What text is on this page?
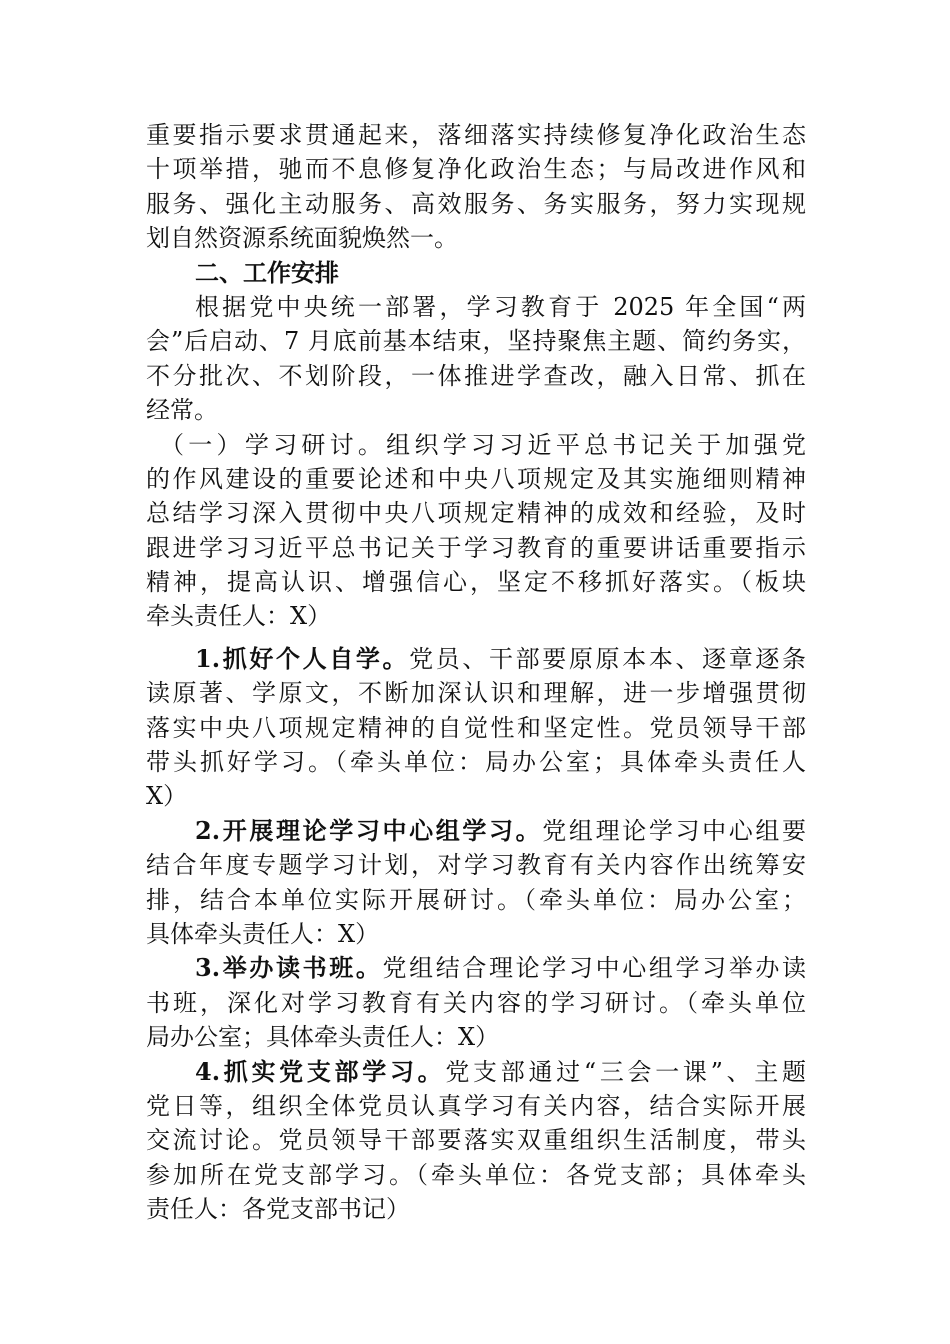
重要指示要求贯通起来，落细落实持续修复净化政治生态
十项举措，驰而不息修复净化政治生态；与局改进作风和
服务、强化主动服务、高效服务、务实服务，努力实现规
划自然资源系统面貌焕然一。
二、工作安排
根据党中央统一部署，学习教育于 2025 年全国“两
会”后启动、7 月底前基本结束，坚持聚焦主题、简约务实，
不分批次、不划阶段，一体推进学查改，融入日常、抓在
经常。
（一）学习研讨。组织学习习近平总书记关于加强党
的作风建设的重要论述和中央八项规定及其实施细则精神
总结学习深入贯彻中央八项规定精神的成效和经验，及时
跟进学习习近平总书记关于学习教育的重要讲话重要指示
精神，提高认识、增强信心，坚定不移抓好落实。（板块
牵头责任人：X）
1.抓好个人自学。党员、干部要原原本本、逐章逐条
读原著、学原文，不断加深认识和理解，进一步增强贯彻
落实中央八项规定精神的自觉性和坚定性。党员领导干部
带头抓好学习。（牵头单位：局办公室；具体牵头责任人
X）
2.开展理论学习中心组学习。党组理论学习中心组要
结合年度专题学习计划，对学习教育有关内容作出统筹安
排，结合本单位实际开展研讨。（牵头单位：局办公室；
具体牵头责任人：X）
3.举办读书班。党组结合理论学习中心组学习举办读
书班，深化对学习教育有关内容的学习研讨。（牵头单位
局办公室；具体牵头责任人：X）
4.抓实党支部学习。党支部通过“三会一课”、主题
党日等，组织全体党员认真学习有关内容，结合实际开展
交流讨论。党员领导干部要落实双重组织生活制度，带头
参加所在党支部学习。（牵头单位：各党支部；具体牵头
责任人：各党支部书记）
